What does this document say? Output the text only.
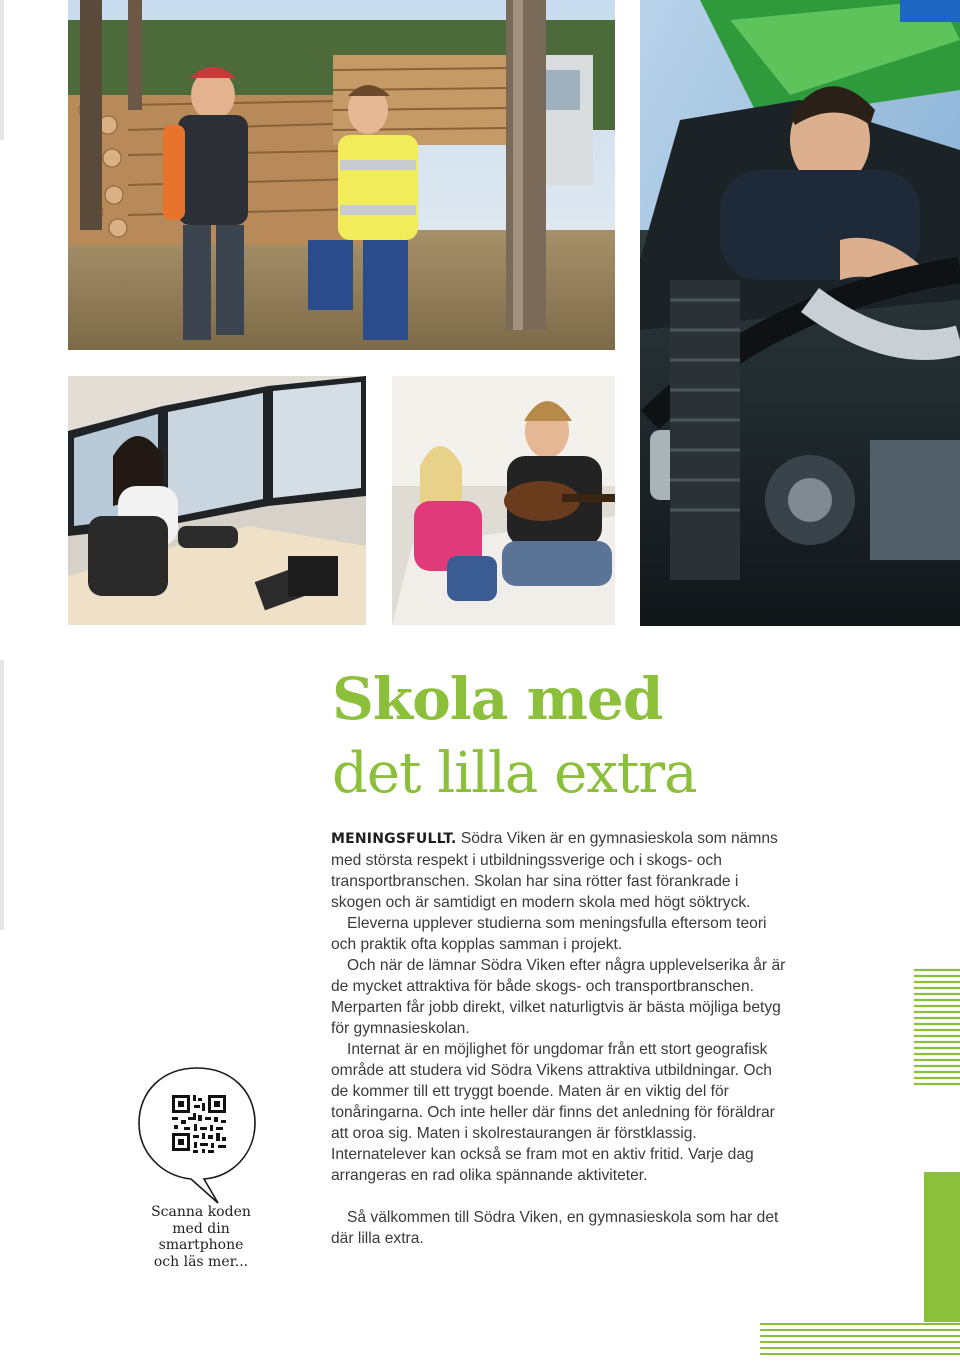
Skola med
det lilla extra

MENINGSFULLT. Södra Viken är en gymnasieskola som nämns med största respekt i utbildningssverige och i skogs- och transportbranschen. Skolan har sina rötter fast förankrade i skogen och är samtidigt en modern skola med högt söktryck.

Eleverna upplever studierna som meningsfulla eftersom teori och praktik ofta kopplas samman i projekt.

Och när de lämnar Södra Viken efter några upplevelserika år är de mycket attraktiva för både skogs- och transportbranschen. Merparten får jobb direkt, vilket naturligtvis är bästa möjliga betyg för gymnasieskolan.

Internat är en möjlighet för ungdomar från ett stort geografisk område att studera vid Södra Vikens attraktiva utbildningar. Och de kommer till ett tryggt boende. Maten är en viktig del för tonåringarna. Och inte heller där finns det anledning för föräldrar att oroa sig. Maten i skolrestaurangen är förstklassig. Internatelever kan också se fram mot en aktiv fritid. Varje dag arrangeras en rad olika spännande aktiviteter.

Så välkommen till Södra Viken, en gymnasieskola som har det där lilla extra.

Scanna koden
med din
smartphone
och läs mer...
